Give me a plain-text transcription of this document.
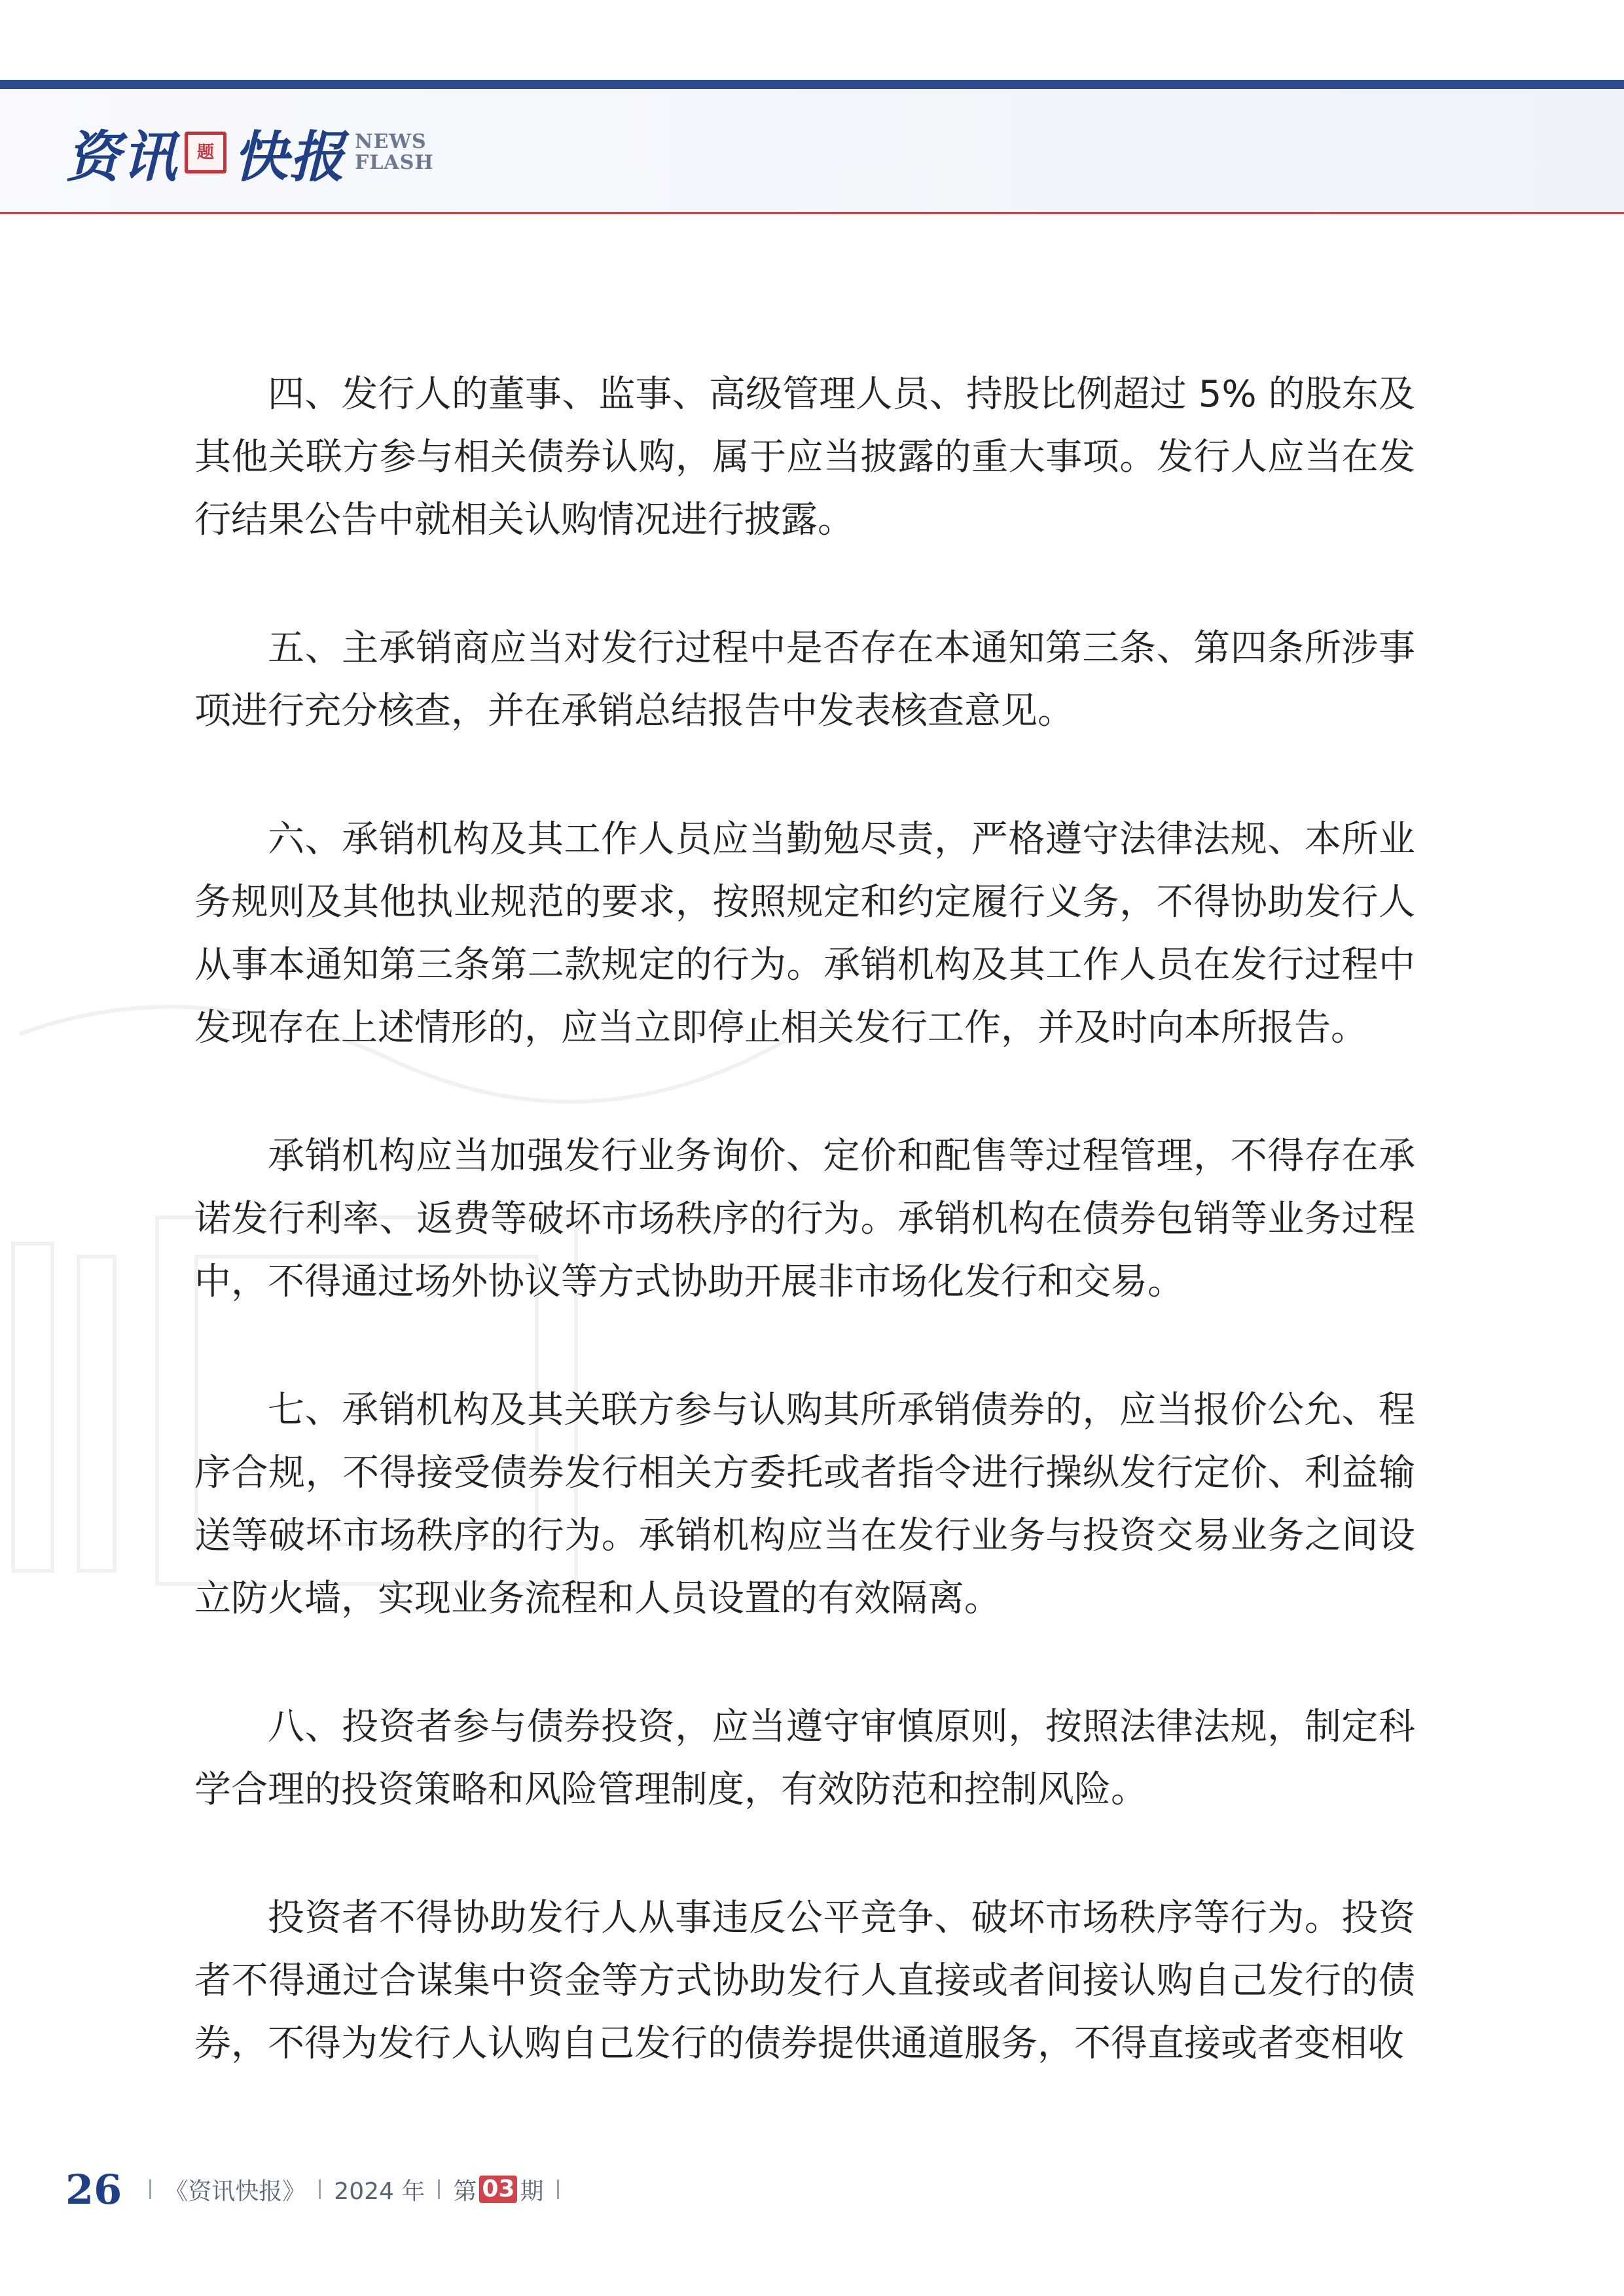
资讯	题 快报 NEWS
FLASH

四、发行人的董事、监事、高级管理人员、持股比例超过 5% 的股东及其他关联方参与相关债券认购，属于应当披露的重大事项。发行人应当在发行结果公告中就相关认购情况进行披露。

五、主承销商应当对发行过程中是否存在本通知第三条、第四条所涉事项进行充分核查，并在承销总结报告中发表核查意见。

六、承销机构及其工作人员应当勤勉尽责，严格遵守法律法规、本所业务规则及其他执业规范的要求，按照规定和约定履行义务，不得协助发行人从事本通知第三条第二款规定的行为。承销机构及其工作人员在发行过程中发现存在上述情形的，应当立即停止相关发行工作，并及时向本所报告。

承销机构应当加强发行业务询价、定价和配售等过程管理，不得存在承诺发行利率、返费等破坏市场秩序的行为。承销机构在债券包销等业务过程中，不得通过场外协议等方式协助开展非市场化发行和交易。

七、承销机构及其关联方参与认购其所承销债券的，应当报价公允、程序合规，不得接受债券发行相关方委托或者指令进行操纵发行定价、利益输送等破坏市场秩序的行为。承销机构应当在发行业务与投资交易业务之间设立防火墙，实现业务流程和人员设置的有效隔离。

八、投资者参与债券投资，应当遵守审慎原则，按照法律法规，制定科学合理的投资策略和风险管理制度，有效防范和控制风险。

投资者不得协助发行人从事违反公平竞争、破坏市场秩序等行为。投资者不得通过合谋集中资金等方式协助发行人直接或者间接认购自己发行的债券，不得为发行人认购自己发行的债券提供通道服务，不得直接或者变相收

26 《资讯快报》 2024 年 第 03 期
